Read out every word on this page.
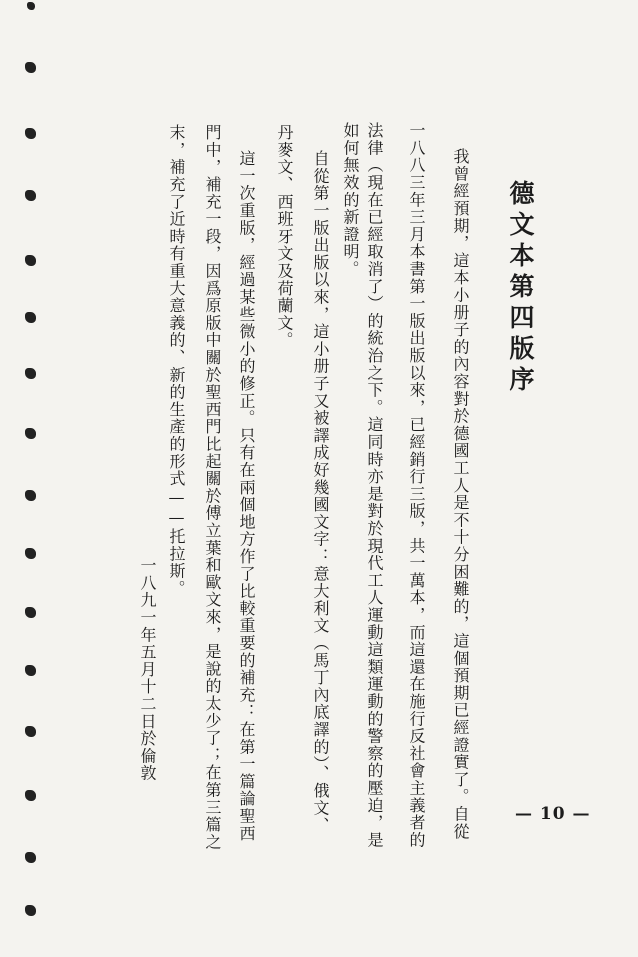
德文本第四版序
我曾經預期，這本小册子的內容對於德國工人是不十分困難的，這個預期已經證實了。自從
一八八三年三月本書第一版出版以來，已經銷行三版，共一萬本，而這還在施行反社會主義者的
法律（現在已經取消了）的統治之下。這同時亦是對於現代工人運動這類運動的警察的壓迫，是
如何無效的新證明。
自從第一版出版以來，這小册子又被譯成好幾國文字：意大利文（馬丁內底譯的）、俄文、
丹麥文、西班牙文及荷蘭文。
這一次重版，經過某些微小的修正。只有在兩個地方作了比較重要的補充：在第一篇論聖西
門中，補充一段，因爲原版中關於聖西門比起關於傅立葉和歐文來，是說的太少了；在第三篇之
末，補充了近時有重大意義的、新的生產的形式——托拉斯。
一八九一年五月十二日於倫敦
— 10 —
